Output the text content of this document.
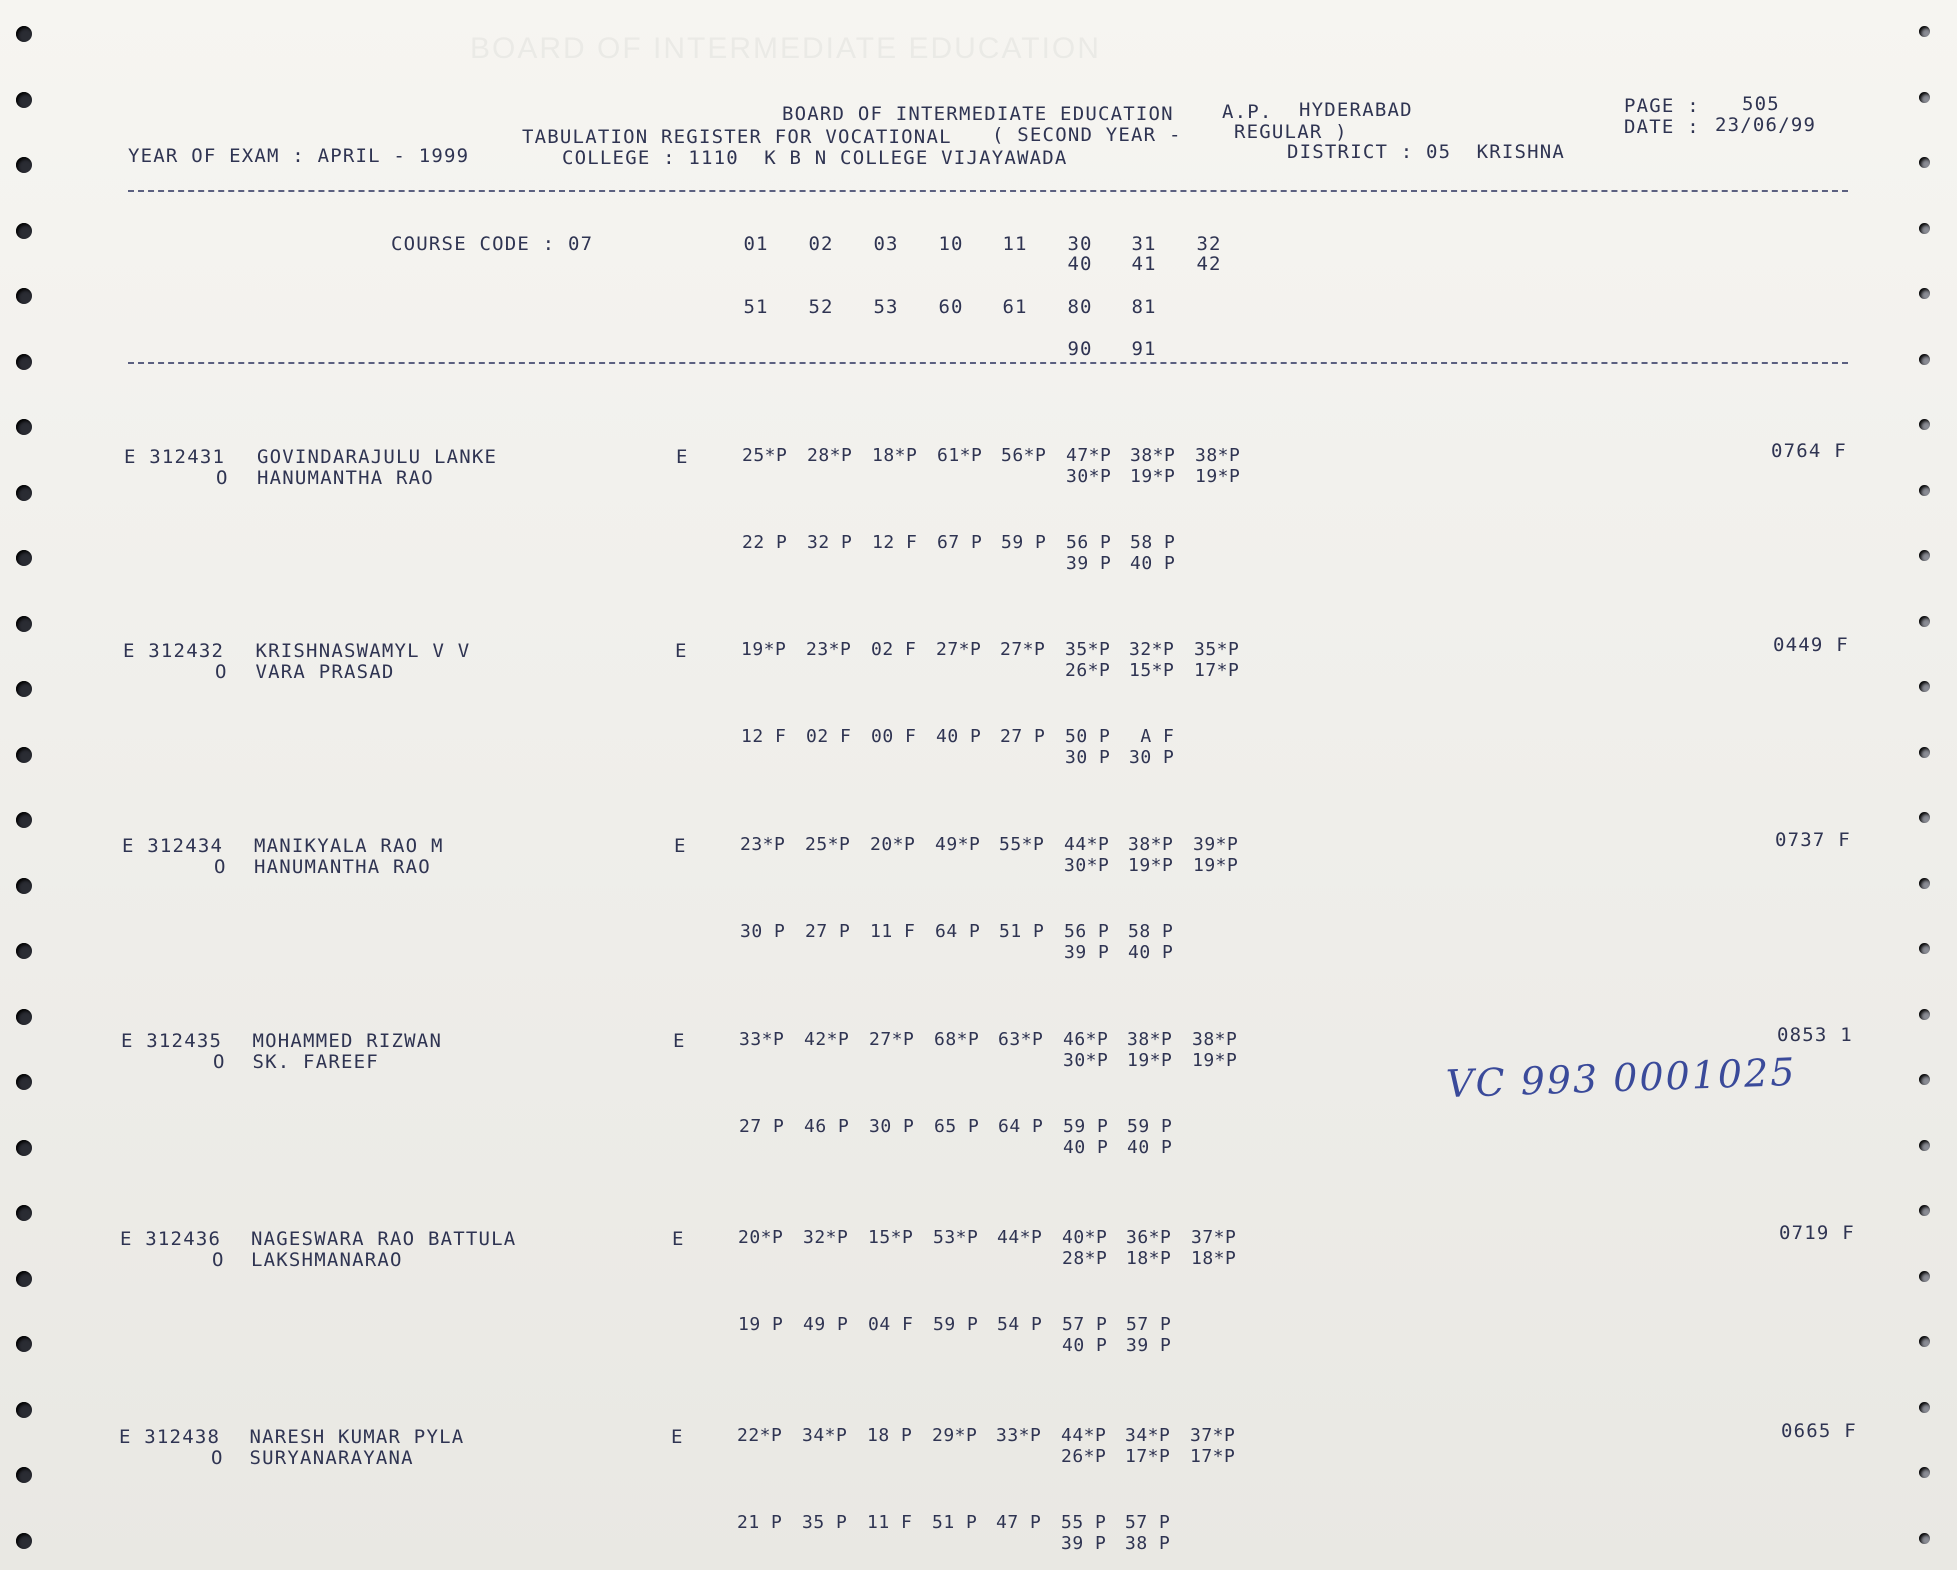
BOARD OF INTERMEDIATE EDUCATION
BOARD OF INTERMEDIATE EDUCATION	A.P. HYDERABAD
TABULATION REGISTER FOR VOCATIONAL ( SECOND YEAR -	REGULAR )
YEAR OF EXAM : APRIL - 1999	COLLEGE : 1110  K B N COLLEGE VIJAYAWADA	DISTRICT : 05  KRISHNA
PAGE : 505
DATE : 23/06/99
COURSE CODE : 07	01	02	03	10	11	30	31	32
40	41	42
51	52	53	60	61	80	81
90	91
E 312431 GOVINDARAJULU LANKE
O HANUMANTHA RAO
E	25*P 28*P 18*P 61*P 56*P 47*P 38*P 38*P
30*P 19*P 19*P
22 P 32 P 12 F 67 P 59 P 56 P 58 P
39 P 40 P
0764 F
E 312432 KRISHNASWAMYL V V
O VARA PRASAD
E	19*P 23*P 02 F 27*P 27*P 35*P 32*P 35*P
26*P 15*P 17*P
12 F 02 F 00 F 40 P 27 P 50 P A F
30 P 30 P
0449 F
E 312434 MANIKYALA RAO M
O HANUMANTHA RAO
E	23*P 25*P 20*P 49*P 55*P 44*P 38*P 39*P
30*P 19*P 19*P
30 P 27 P 11 F 64 P 51 P 56 P 58 P
39 P 40 P
0737 F
E 312435 MOHAMMED RIZWAN
O SK. FAREEF
E	33*P 42*P 27*P 68*P 63*P 46*P 38*P 38*P
30*P 19*P 19*P
27 P 46 P 30 P 65 P 64 P 59 P 59 P
40 P 40 P
0853 1
E 312436 NAGESWARA RAO BATTULA
O LAKSHMANARAO
E	20*P 32*P 15*P 53*P 44*P 40*P 36*P 37*P
28*P 18*P 18*P
19 P 49 P 04 F 59 P 54 P 57 P 57 P
40 P 39 P
0719 F
E 312438 NARESH KUMAR PYLA
O SURYANARAYANA
E	22*P 34*P 18 P 29*P 33*P 44*P 34*P 37*P
26*P 17*P 17*P
21 P 35 P 11 F 51 P 47 P 55 P 57 P
39 P 38 P
0665 F
VC 993 0001025
